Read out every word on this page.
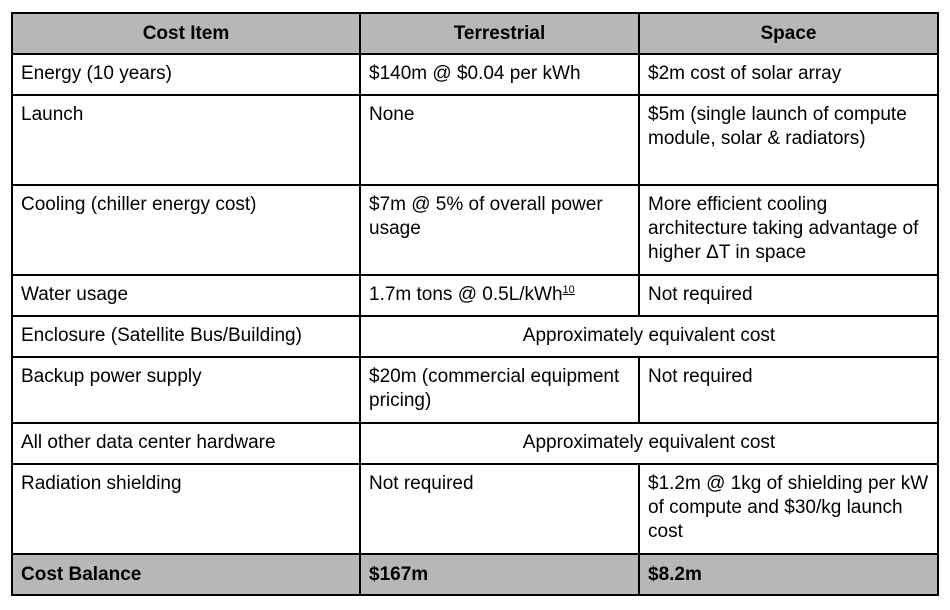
Cost Item	Terrestrial	Space
Energy (10 years)	$140m @ $0.04 per kWh	$2m cost of solar array
Launch	None	$5m (single launch of compute module, solar & radiators)
Cooling (chiller energy cost)	$7m @ 5% of overall power usage	More efficient cooling architecture taking advantage of higher ΔT in space
Water usage	1.7m tons @ 0.5L/kWh$^{10}$	Not required
Enclosure (Satellite Bus/Building)	Approximately equivalent cost	
Backup power supply	$20m (commercial equipment pricing)	Not required
All other data center hardware	Approximately equivalent cost	
Radiation shielding	Not required	$1.2m @ 1kg of shielding per kW of compute and $30/kg launch cost
Cost Balance	$167m	$8.2m
